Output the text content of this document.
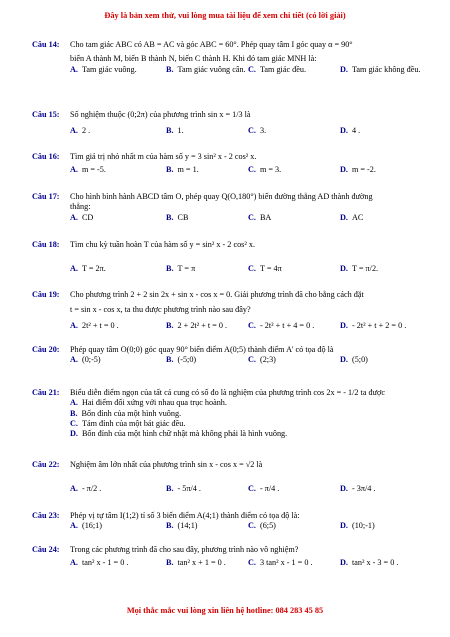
Đây là bản xem thử, vui lòng mua tài liệu để xem chi tiết (có lời giải)
Câu 14: Cho tam giác ABC có AB = AC và góc ABC = 60°. Phép quay tâm I góc quay α = 90°
biến A thành M, biến B thành N, biến C thành H. Khi đó tam giác MNH là:
A. Tam giác vuông.	B. Tam giác vuông cân. C. Tam giác đều.	D. Tam giác không đều.
Câu 15: Số nghiệm thuộc (0;2π) của phương trình sin x = 1/3 là
A. 2 .	B. 1.	C. 3.	D. 4 .
Câu 16: Tìm giá trị nhỏ nhất m của hàm số y = 3 sin² x - 2 cos² x.
A. m = -5.	B. m = 1.	C. m = 3.	D. m = -2.
Câu 17: Cho hình bình hành ABCD tâm O, phép quay Q(O,180°) biến đường thẳng AD thành đường
thẳng:
A. CD	B. CB	C. BA	D. AC
Câu 18: Tìm chu kỳ tuần hoàn T của hàm số y = sin² x - 2 cos² x.
A. T = 2π.	B. T = π	C. T = 4π	D. T = π/2.
Câu 19: Cho phương trình 2 + 2 sin 2x + sin x - cos x = 0. Giải phương trình đã cho bằng cách đặt
t = sin x - cos x, ta thu được phương trình nào sau đây?
A. 2t² + t = 0 .	B. 2 + 2t² + t = 0 .	C. - 2t² + t + 4 = 0 .	D. - 2t² + t + 2 = 0 .
Câu 20: Phép quay tâm O(0;0) góc quay 90° biến điểm A(0;5) thành điểm A' có tọa độ là
A. (0;-5)	B. (-5;0)	C. (2;3)	D. (5;0)
Câu 21: Biểu diễn điểm ngọn của tất cả cung có số đo là nghiệm của phương trình cos 2x = - 1/2 ta được
A. Hai điểm đối xứng với nhau qua trục hoành.
B. Bốn đỉnh của một hình vuông.
C. Tám đỉnh của một bát giác đều.
D. Bốn đỉnh của một hình chữ nhật mà không phải là hình vuông.
Câu 22: Nghiệm âm lớn nhất của phương trình sin x - cos x = √2 là
A. - π/2 .	B. - 5π/4 .	C. - π/4 .	D. - 3π/4 .
Câu 23: Phép vị tự tâm I(1;2) tỉ số 3 biến điểm A(4;1) thành điểm có tọa độ là:
A. (16;1)	B. (14;1)	C. (6;5)	D. (10;-1)
Câu 24: Trong các phương trình đã cho sau đây, phương trình nào vô nghiệm?
A. tan² x - 1 = 0 .	B. tan² x + 1 = 0 .	C. 3 tan² x - 1 = 0 .	D. tan² x - 3 = 0 .
Mọi thắc mắc vui lòng xin liên hệ hotline: 084 283 45 85
